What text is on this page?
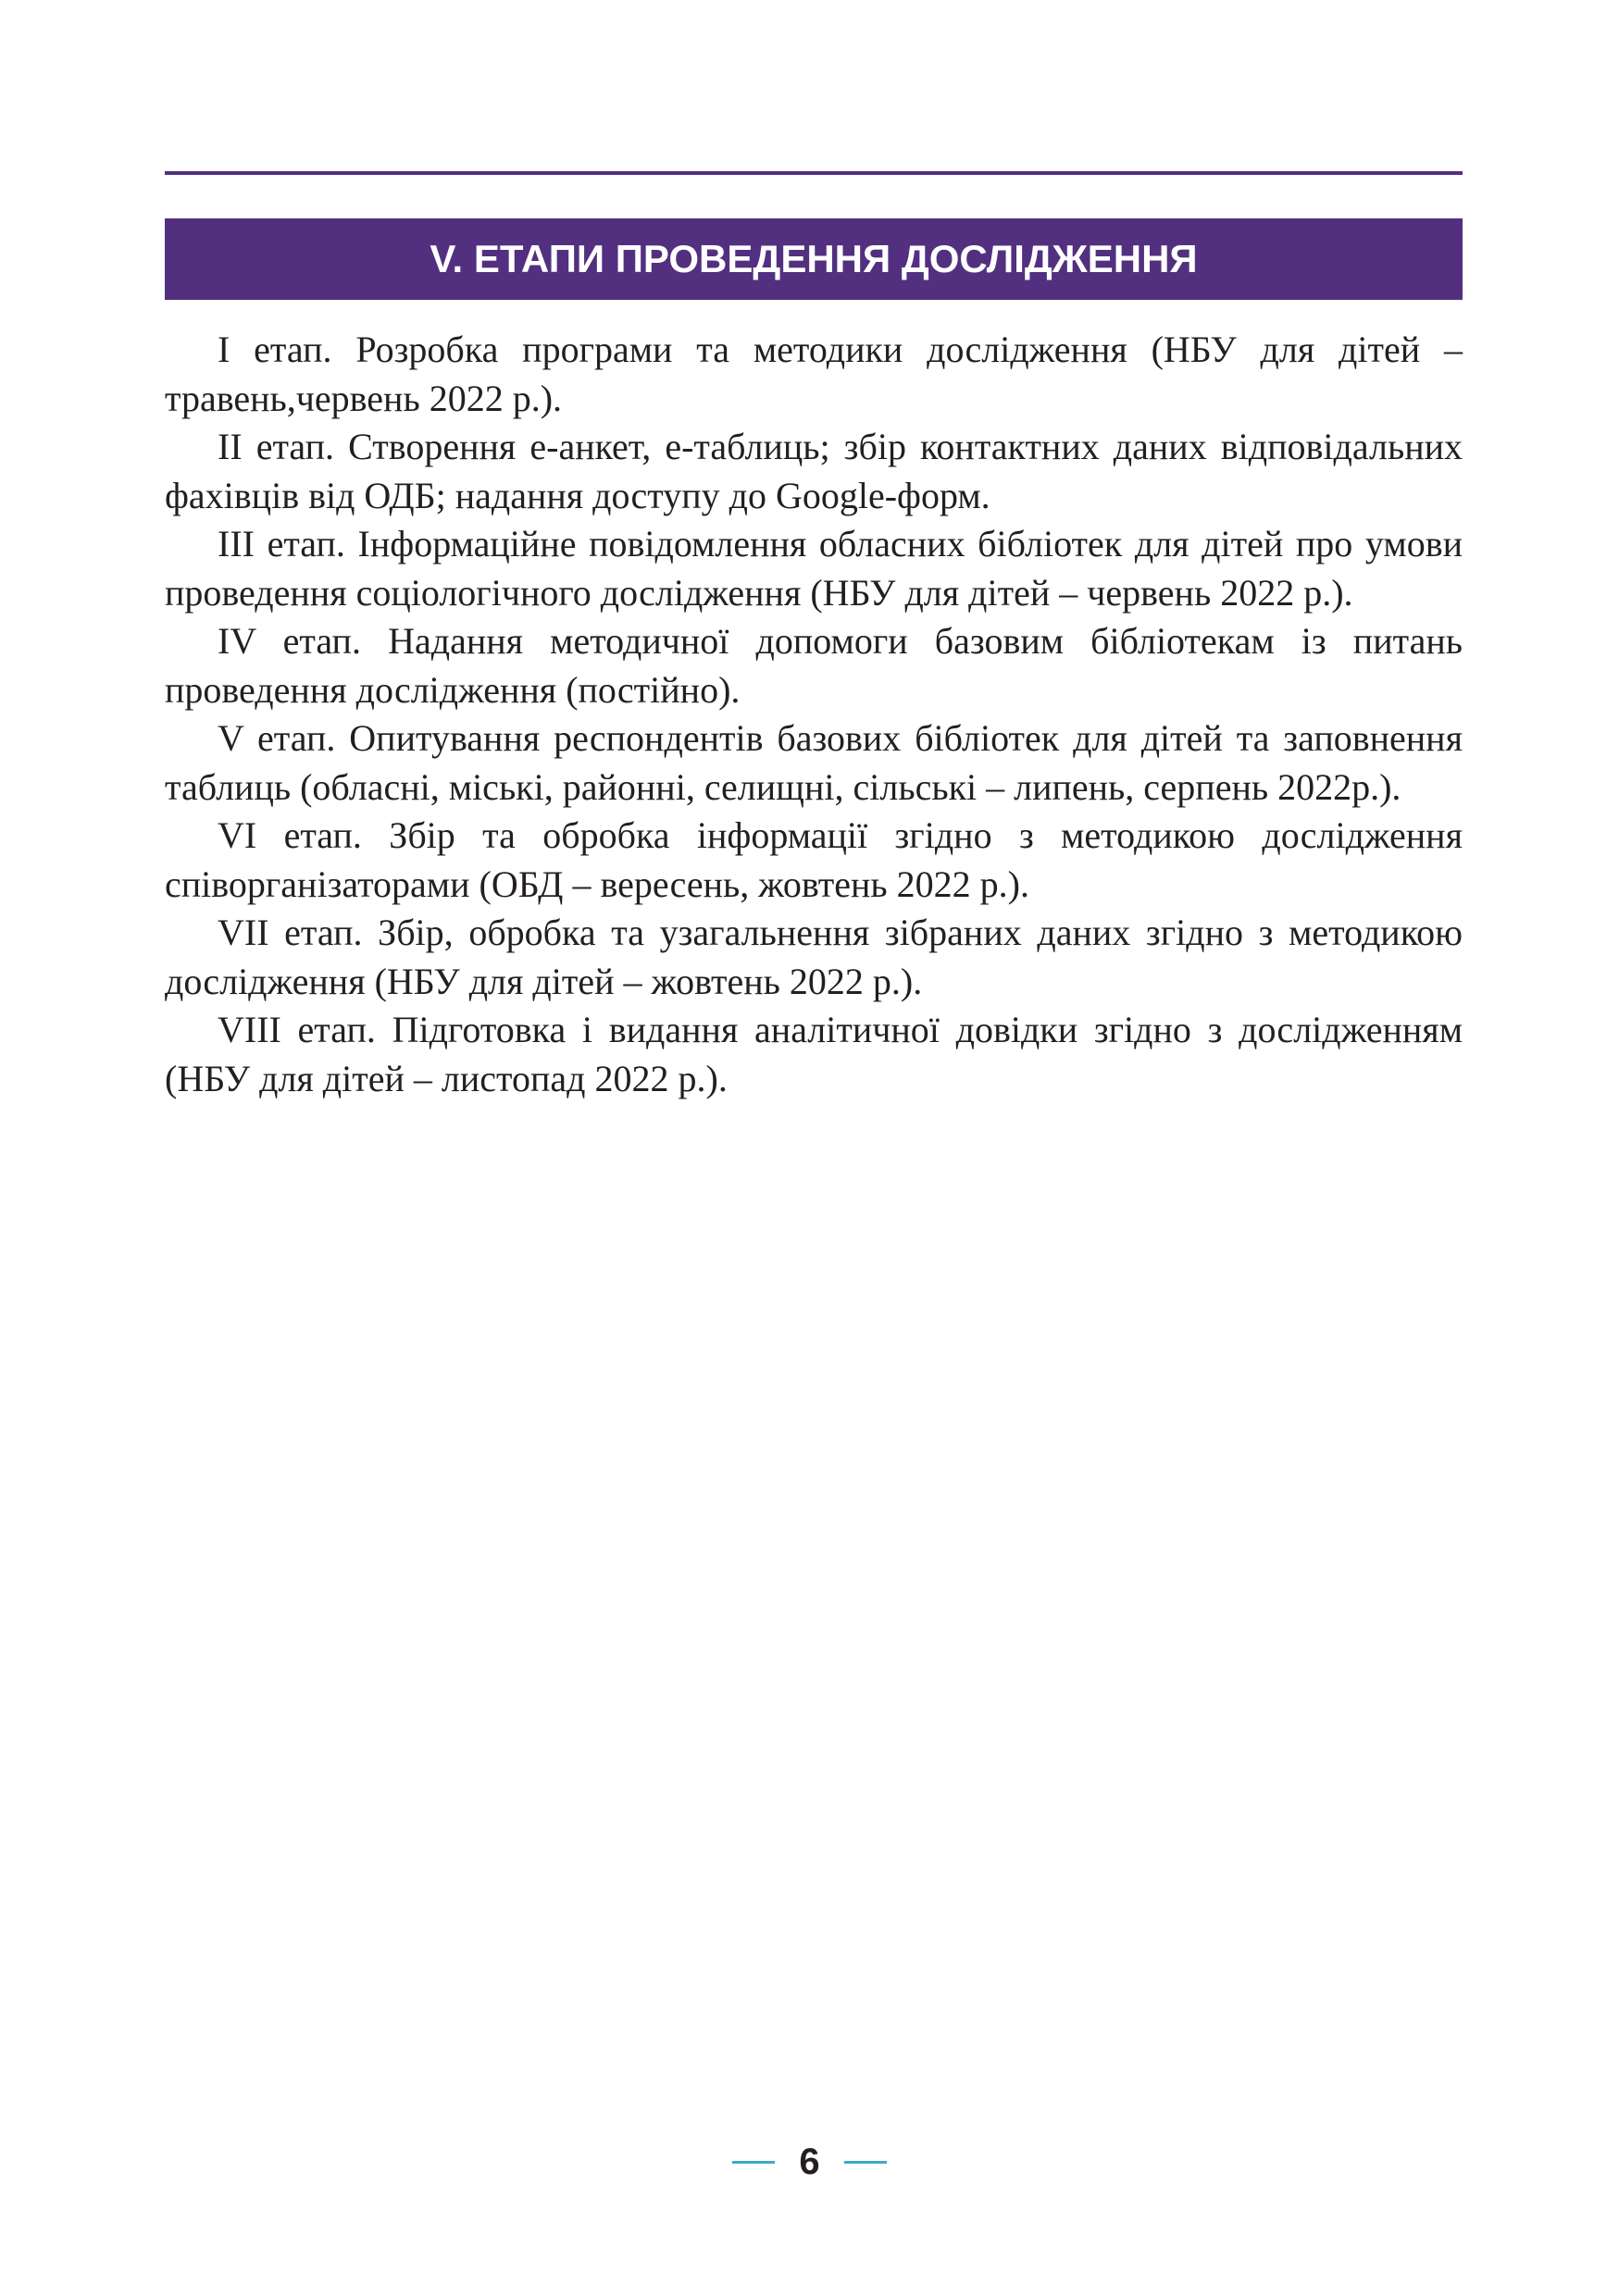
V. ЕТАПИ ПРОВЕДЕННЯ ДОСЛІДЖЕННЯ

I етап. Розробка програми та методики дослідження (НБУ для дітей – травень,червень 2022 р.).

II етап. Створення е-анкет, е-таблиць; збір контактних даних відповідальних фахівців від ОДБ; надання доступу до Google-форм.

III етап. Інформаційне повідомлення обласних бібліотек для дітей про умови проведення соціологічного дослідження (НБУ для дітей – червень 2022 р.).

IV етап. Надання методичної допомоги базовим бібліотекам із питань проведення дослідження (постійно).

V етап. Опитування респондентів базових бібліотек для дітей та заповнення таблиць (обласні, міські, районні, селищні, сільські – липень, серпень 2022р.).

VI етап. Збір та обробка інформації згідно з методикою дослідження співорганізаторами (ОБД – вересень, жовтень 2022 р.).

VII етап. Збір, обробка та узагальнення зібраних даних згідно з методикою дослідження (НБУ для дітей – жовтень 2022 р.).

VIII етап. Підготовка і видання аналітичної довідки згідно з дослідженням (НБУ для дітей – листопад 2022 р.).

6
